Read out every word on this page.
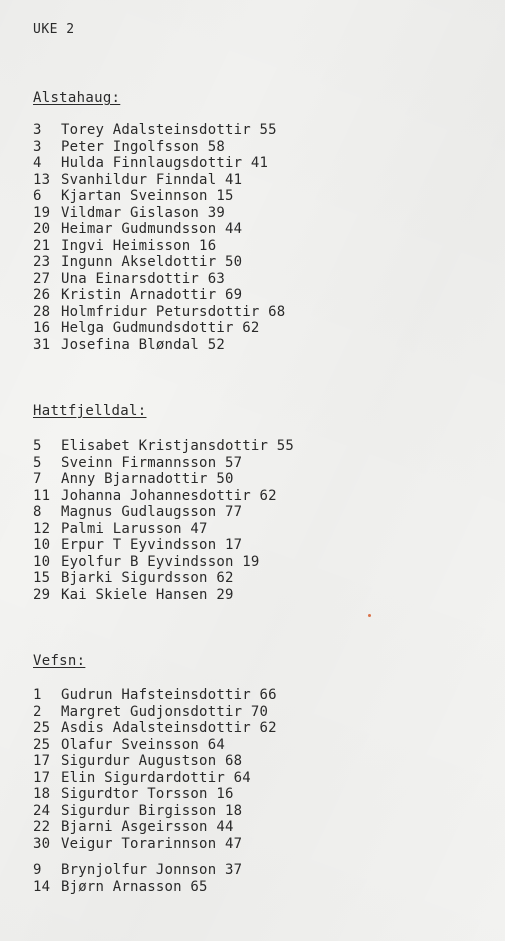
UKE 2
Alstahaug:
3	Torey Adalsteinsdottir 55
3	Peter Ingolfsson 58
4	Hulda Finnlaugsdottir 41
13 Svanhildur Finndal 41
6	Kjartan Sveinnson 15
19 Vildmar Gislason 39
20 Heimar Gudmundsson 44
21 Ingvi Heimisson 16
23 Ingunn Akseldottir 50
27 Una Einarsdottir 63
26 Kristin Arnadottir 69
28 Holmfridur Petursdottir 68
16 Helga Gudmundsdottir 62
31 Josefina Bløndal 52
Hattfjelldal:
5	Elisabet Kristjansdottir 55
5	Sveinn Firmannsson 57
7	Anny Bjarnadottir 50
11 Johanna Johannesdottir 62
8	Magnus Gudlaugsson 77
12 Palmi Larusson 47
10 Erpur T Eyvindsson 17
10 Eyolfur B Eyvindsson 19
15 Bjarki Sigurdsson 62
29 Kai Skiele Hansen 29
Vefsn:
1	Gudrun Hafsteinsdottir 66
2	Margret Gudjonsdottir 70
25 Asdis Adalsteinsdottir 62
25 Olafur Sveinsson 64
17 Sigurdur Augustson 68
17 Elin Sigurdardottir 64
18 Sigurdtor Torsson 16
24 Sigurdur Birgisson 18
22 Bjarni Asgeirsson 44
30 Veigur Torarinnson 47
9	Brynjolfur Jonnson 37
14 Bjørn Arnasson 65
